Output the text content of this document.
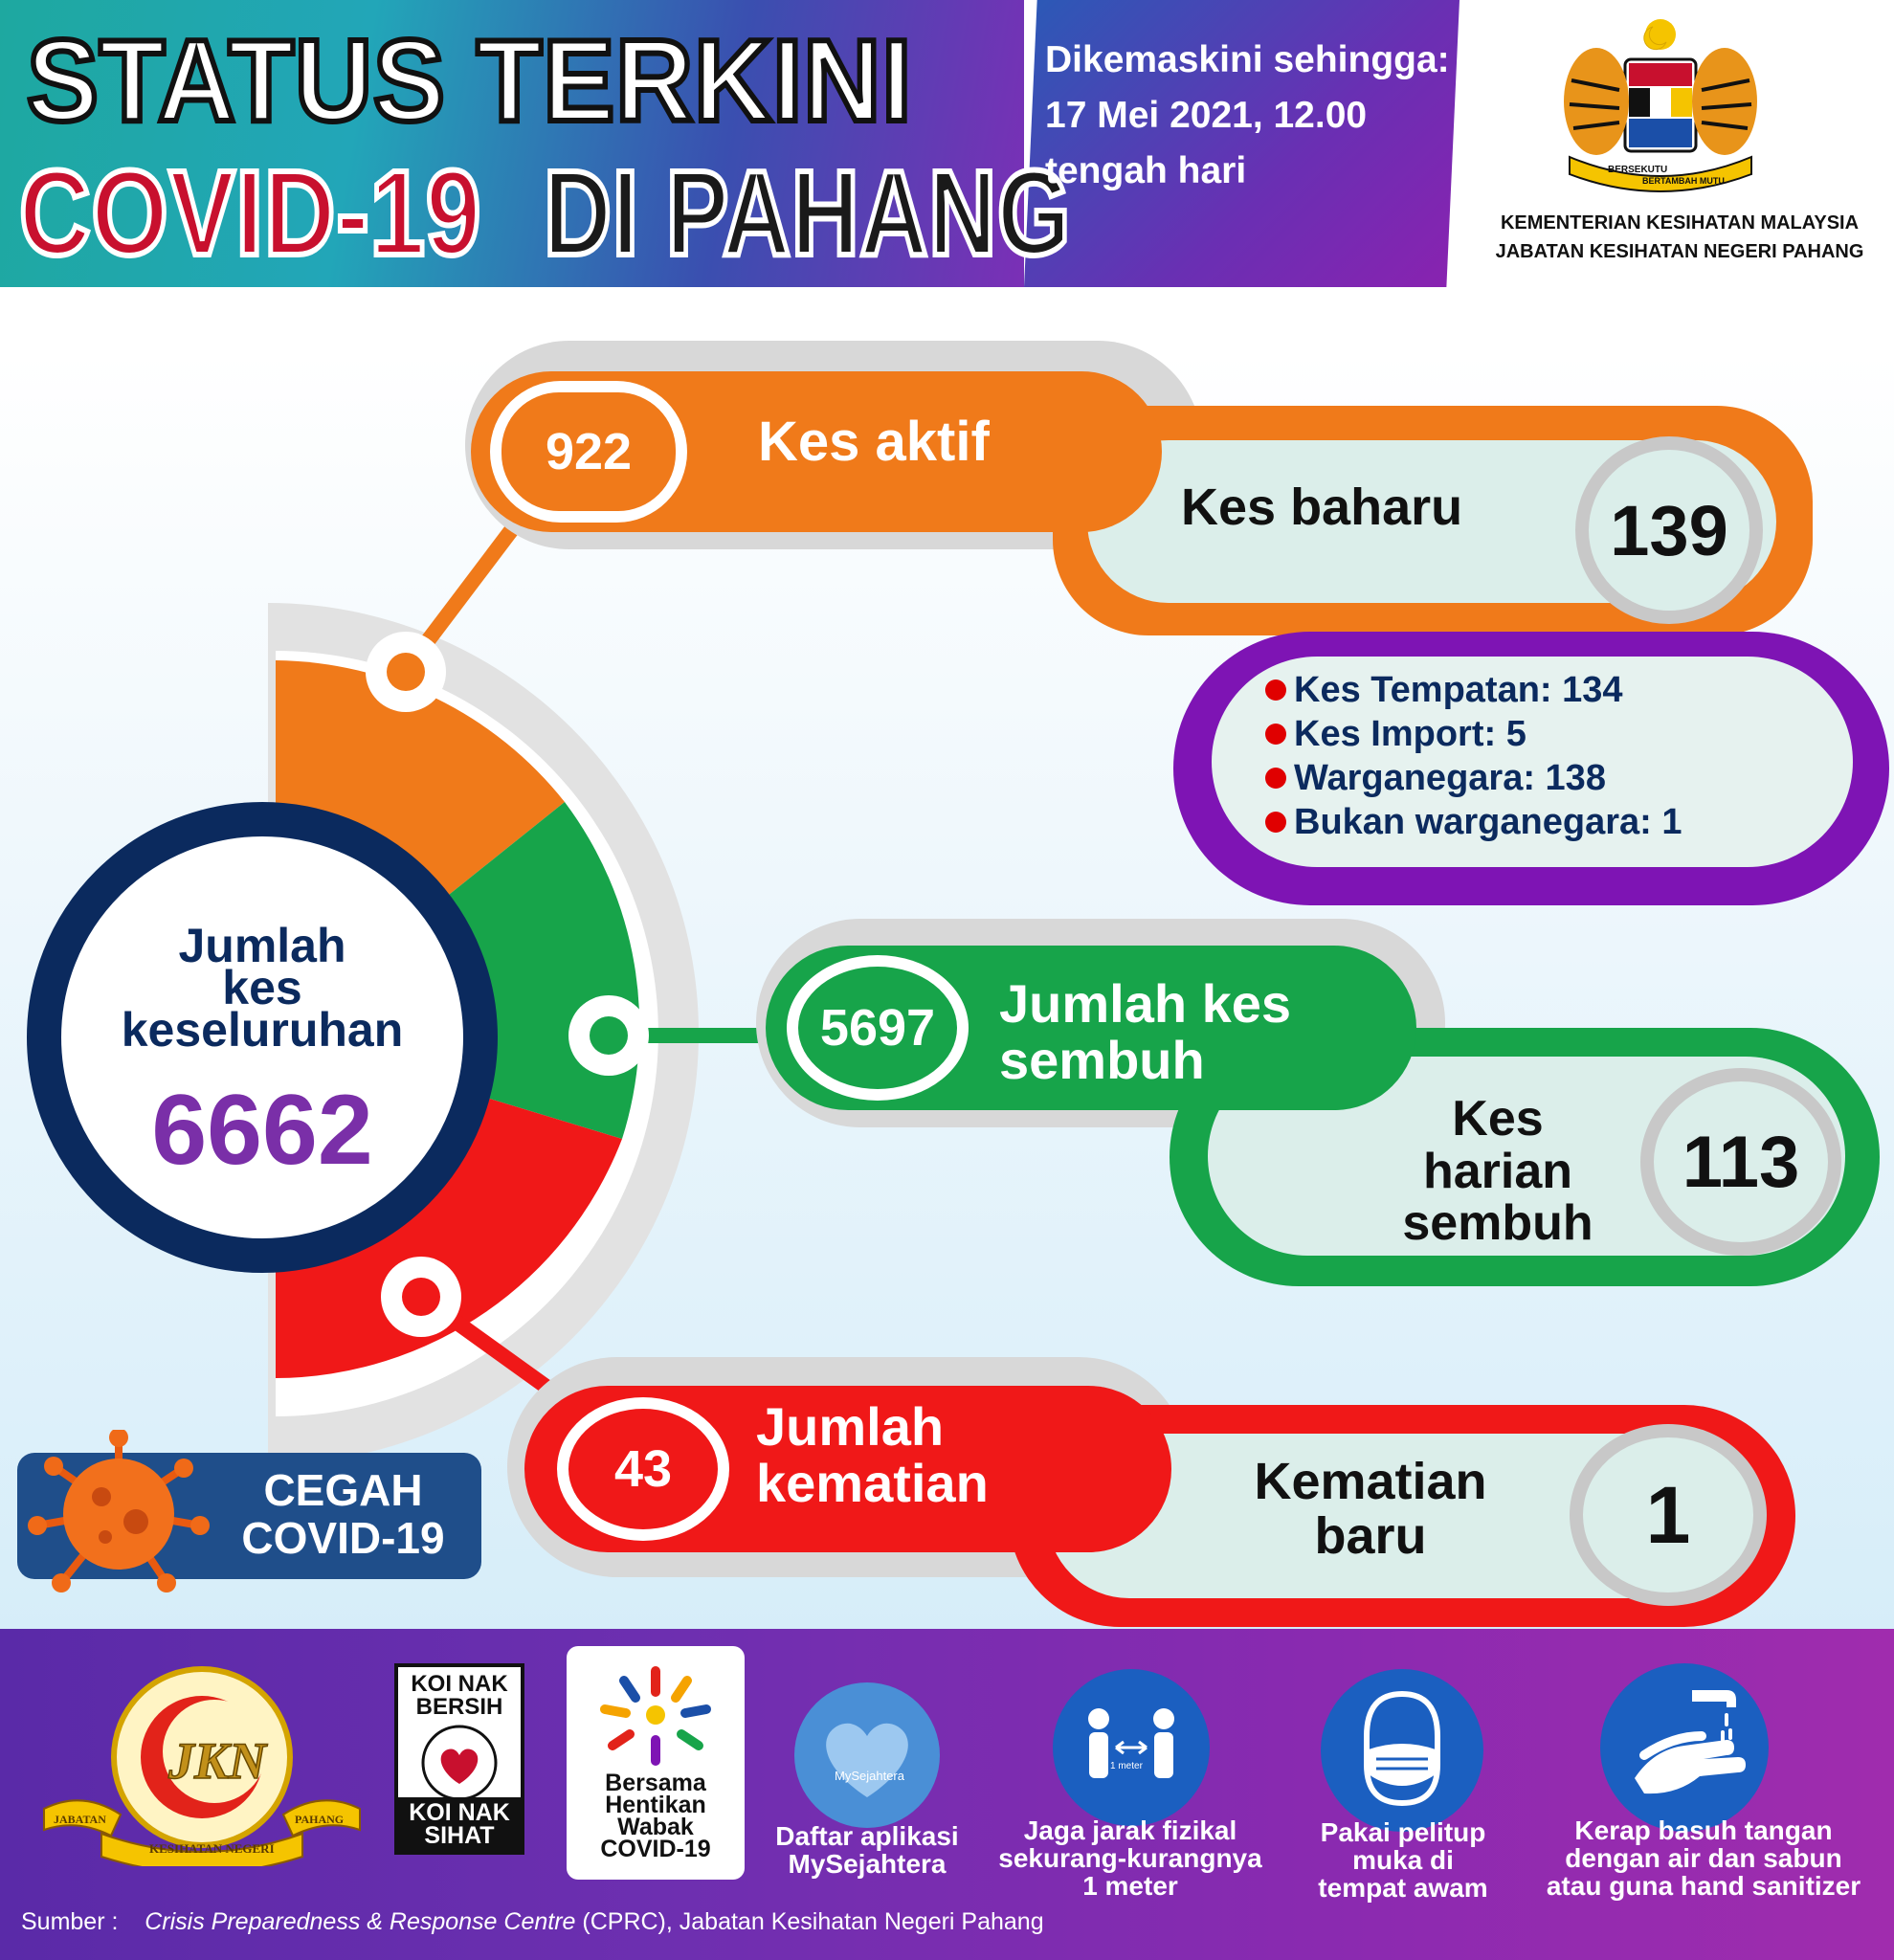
STATUS TERKINI
COVID-19 DI PAHANG
Dikemaskini sehingga:
17 Mei 2021, 12.00
tengah hari	BERSEKUTU
BERTAMBAH MUTU
KEMENTERIAN KESIHATAN MALAYSIA
JABATAN KESIHATAN NEGERI PAHANG
Jumlah
kes
keseluruhan
6662
Kes baharu	139
922	Kes aktif
Kes Tempatan: 134
Kes Import: 5
Warganegara: 138
Bukan warganegara: 1
Kes
harian
sembuh
113
5697	Jumlah kes
sembuh
Kematian
baru	1
43
Jumlah
kematian
CEGAH
COVID-19
JKN
JABATAN	PAHANG
KESIHATAN NEGERI
KOI NAK
BERSIH
KOI NAK
SIHAT
Bersama
Hentikan
Wabak
COVID-19
MySejahtera
Daftar aplikasi
MySejahtera
1 meter
Jaga jarak fizikal
sekurang-kurangnya
1 meter
Pakai pelitup
muka di
tempat awam
Kerap basuh tangan
dengan air dan sabun
atau guna hand sanitizer
Sumber : Crisis Preparedness & Response Centre (CPRC), Jabatan Kesihatan Negeri Pahang
